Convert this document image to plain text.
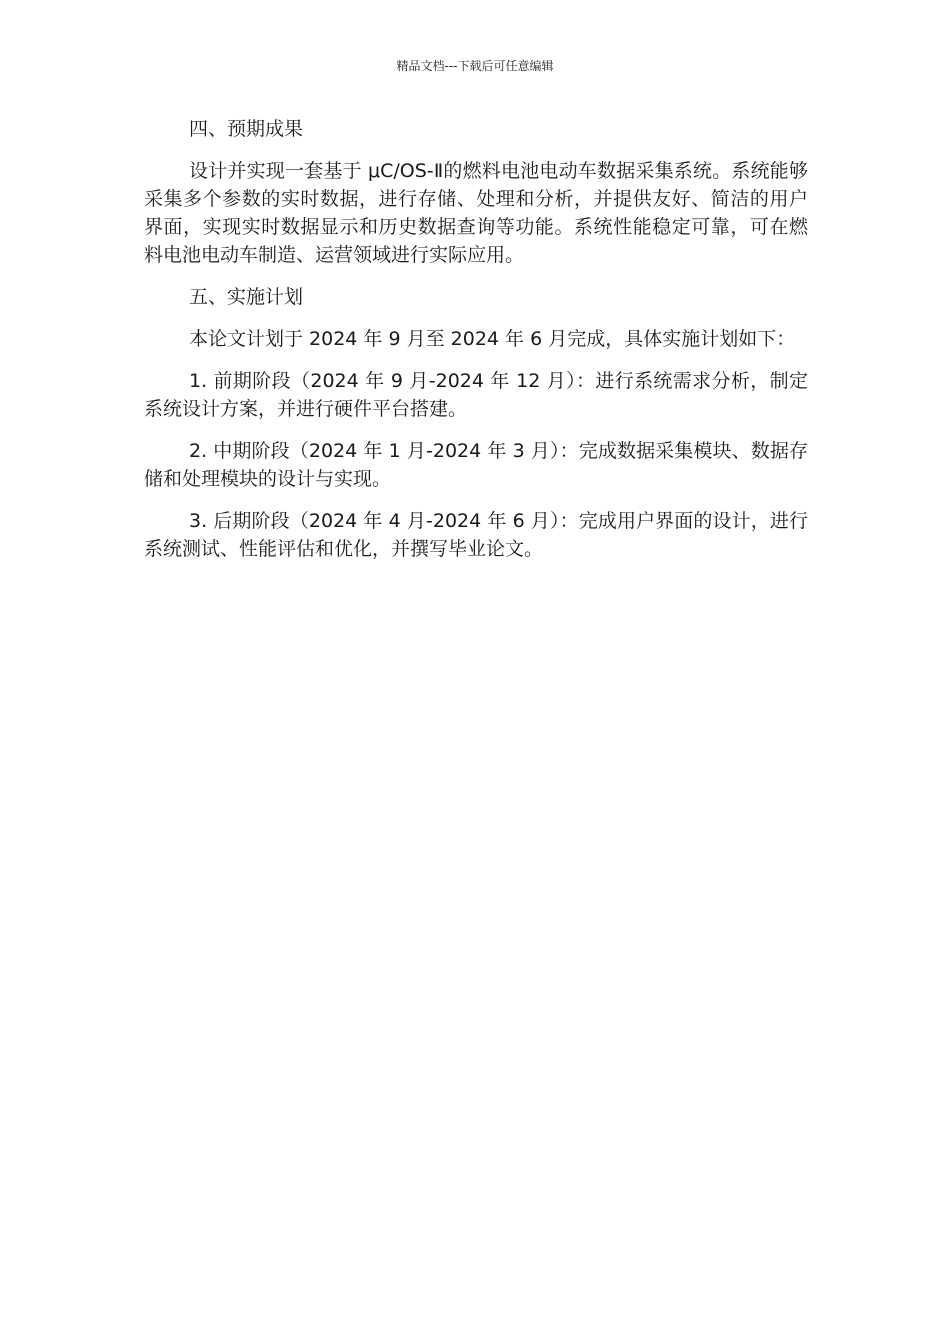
精品文档---下载后可任意编辑

四、预期成果

设计并实现一套基于 μC/OS-Ⅱ的燃料电池电动车数据采集系统。系统能够采集多个参数的实时数据，进行存储、处理和分析，并提供友好、简洁的用户界面，实现实时数据显示和历史数据查询等功能。系统性能稳定可靠，可在燃料电池电动车制造、运营领域进行实际应用。

五、实施计划

本论文计划于 2024 年 9 月至 2024 年 6 月完成，具体实施计划如下：

1. 前期阶段（2024 年 9 月-2024 年 12 月）：进行系统需求分析，制定系统设计方案，并进行硬件平台搭建。

2. 中期阶段（2024 年 1 月-2024 年 3 月）：完成数据采集模块、数据存储和处理模块的设计与实现。

3. 后期阶段（2024 年 4 月-2024 年 6 月）：完成用户界面的设计，进行系统测试、性能评估和优化，并撰写毕业论文。
